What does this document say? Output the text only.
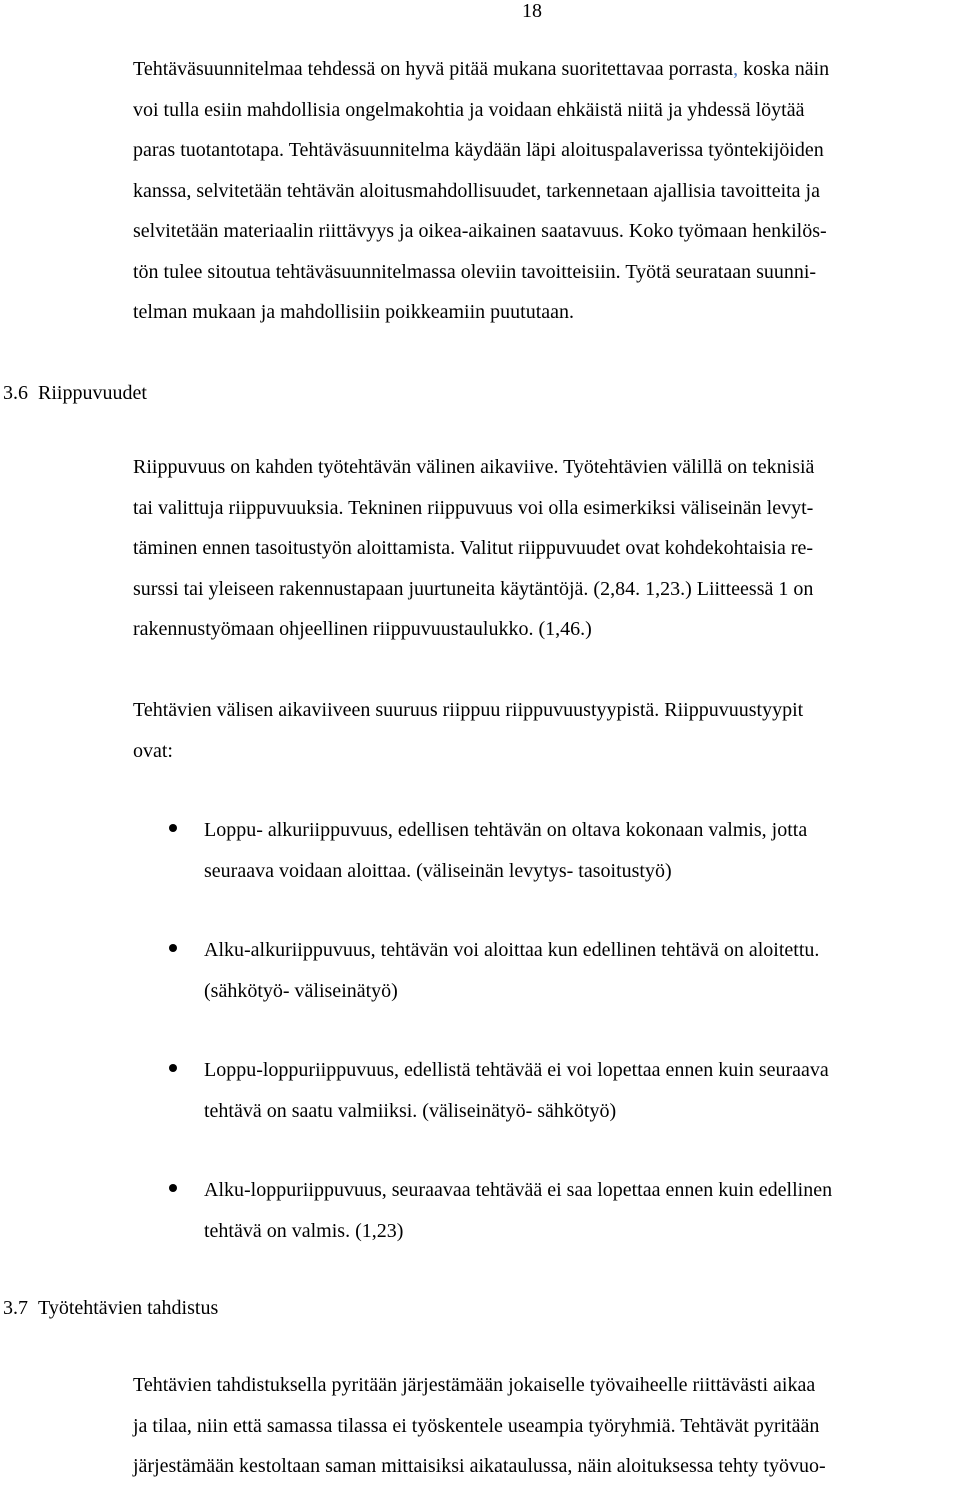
18
Tehtäväsuunnitelmaa tehdessä on hyvä pitää mukana suoritettavaa porrasta, koska näin
voi tulla esiin mahdollisia ongelmakohtia ja voidaan ehkäistä niitä ja yhdessä löytää
paras tuotantotapa. Tehtäväsuunnitelma käydään läpi aloituspalaverissa työntekijöiden
kanssa, selvitetään tehtävän aloitusmahdollisuudet, tarkennetaan ajallisia tavoitteita ja
selvitetään materiaalin riittävyys ja oikea-aikainen saatavuus. Koko työmaan henkilös-
tön tulee sitoutua tehtäväsuunnitelmassa oleviin tavoitteisiin. Työtä seurataan suunni-
telman mukaan ja mahdollisiin poikkeamiin puututaan.
3.6 Riippuvuudet
Riippuvuus on kahden työtehtävän välinen aikaviive. Työtehtävien välillä on teknisiä
tai valittuja riippuvuuksia. Tekninen riippuvuus voi olla esimerkiksi väliseinän levyt-
täminen ennen tasoitustyön aloittamista. Valitut riippuvuudet ovat kohdekohtaisia re-
surssi tai yleiseen rakennustapaan juurtuneita käytäntöjä. (2,84. 1,23.) Liitteessä 1 on
rakennustyömaan ohjeellinen riippuvuustaulukko. (1,46.)
Tehtävien välisen aikaviiveen suuruus riippuu riippuvuustyypistä. Riippuvuustyypit
ovat:
Loppu- alkuriippuvuus, edellisen tehtävän on oltava kokonaan valmis, jotta
seuraava voidaan aloittaa. (väliseinän levytys- tasoitustyö)
Alku-alkuriippuvuus, tehtävän voi aloittaa kun edellinen tehtävä on aloitettu.
(sähkötyö- väliseinätyö)
Loppu-loppuriippuvuus, edellistä tehtävää ei voi lopettaa ennen kuin seuraava
tehtävä on saatu valmiiksi. (väliseinätyö- sähkötyö)
Alku-loppuriippuvuus, seuraavaa tehtävää ei saa lopettaa ennen kuin edellinen
tehtävä on valmis. (1,23)
3.7 Työtehtävien tahdistus
Tehtävien tahdistuksella pyritään järjestämään jokaiselle työvaiheelle riittävästi aikaa
ja tilaa, niin että samassa tilassa ei työskentele useampia työryhmiä. Tehtävät pyritään
järjestämään kestoltaan saman mittaisiksi aikataulussa, näin aloituksessa tehty työvuo-
